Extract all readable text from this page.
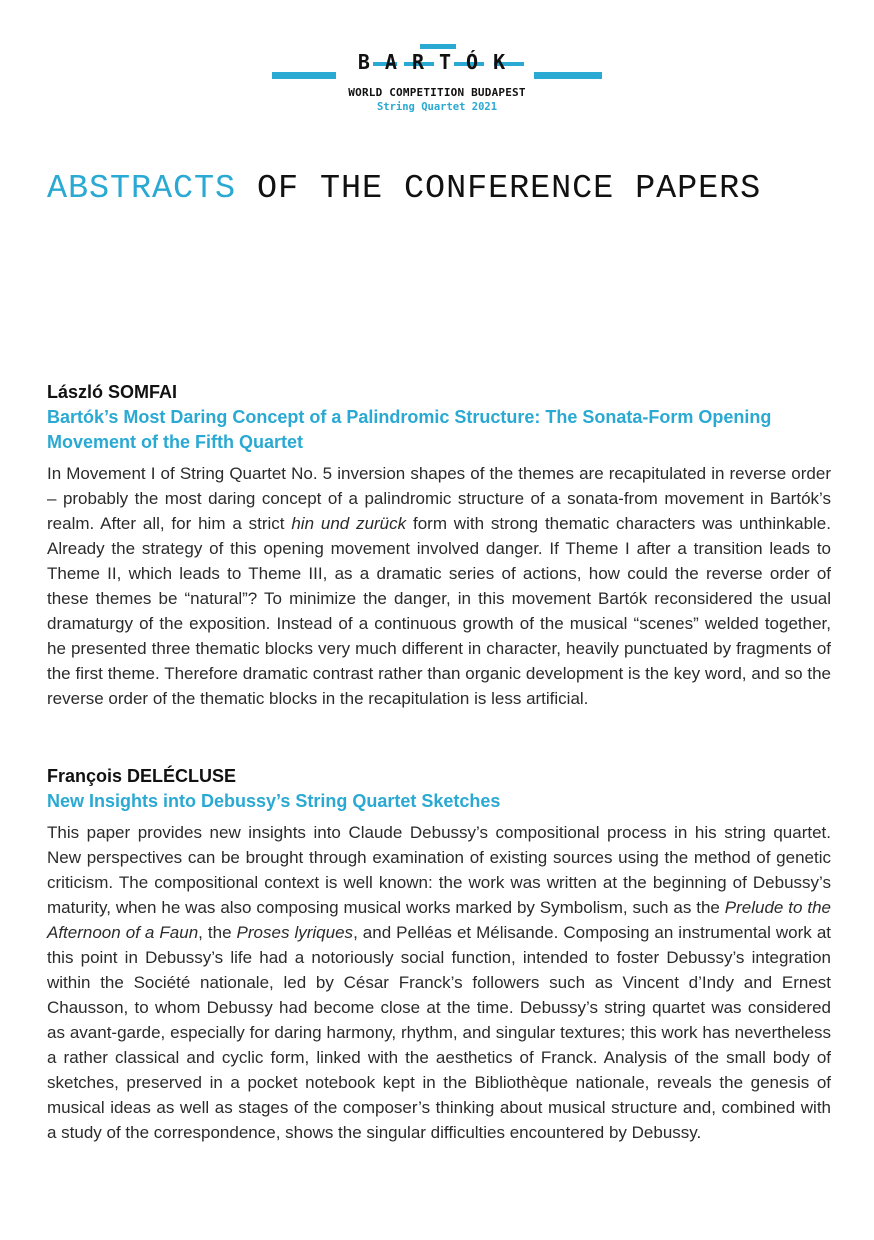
BARTÓK
WORLD COMPETITION BUDAPEST
String Quartet 2021
ABSTRACTS OF THE CONFERENCE PAPERS
László SOMFAI
Bartók’s Most Daring Concept of a Palindromic Structure: The Sonata-Form Opening Movement of the Fifth Quartet

In Movement I of String Quartet No. 5 inversion shapes of the themes are recapitulated in reverse order – probably the most daring concept of a palindromic structure of a sonata-from movement in Bartók’s realm. After all, for him a strict hin und zurück form with strong thematic characters was unthinkable. Already the strategy of this opening movement involved danger. If Theme I after a transition leads to Theme II, which leads to Theme III, as a dramatic series of actions, how could the reverse order of these themes be “natural”? To minimize the danger, in this movement Bartók reconsidered the usual dramaturgy of the exposition. Instead of a continuous growth of the musical “scenes” welded together, he presented three thematic blocks very much different in character, heavily punctuated by fragments of the first theme. Therefore dramatic contrast rather than organic development is the key word, and so the reverse order of the thematic blocks in the recapitulation is less artificial.

François DELÉCLUSE
New Insights into Debussy’s String Quartet Sketches

This paper provides new insights into Claude Debussy’s compositional process in his string quartet. New perspectives can be brought through examination of existing sources using the method of genetic criticism. The compositional context is well known: the work was written at the beginning of Debussy’s maturity, when he was also composing musical works marked by Symbolism, such as the Prelude to the Afternoon of a Faun, the Proses lyriques, and Pelléas et Mélisande. Composing an instrumental work at this point in Debussy’s life had a notoriously social function, intended to foster Debussy’s integration within the Société nationale, led by César Franck’s followers such as Vincent d’Indy and Ernest Chausson, to whom Debussy had become close at the time. Debussy’s string quartet was considered as avant-garde, especially for daring harmony, rhythm, and singular textures; this work has nevertheless a rather classical and cyclic form, linked with the aesthetics of Franck. Analysis of the small body of sketches, preserved in a pocket notebook kept in the Bibliothèque nationale, reveals the genesis of musical ideas as well as stages of the composer’s thinking about musical structure and, combined with a study of the correspondence, shows the singular difficulties encountered by Debussy.
